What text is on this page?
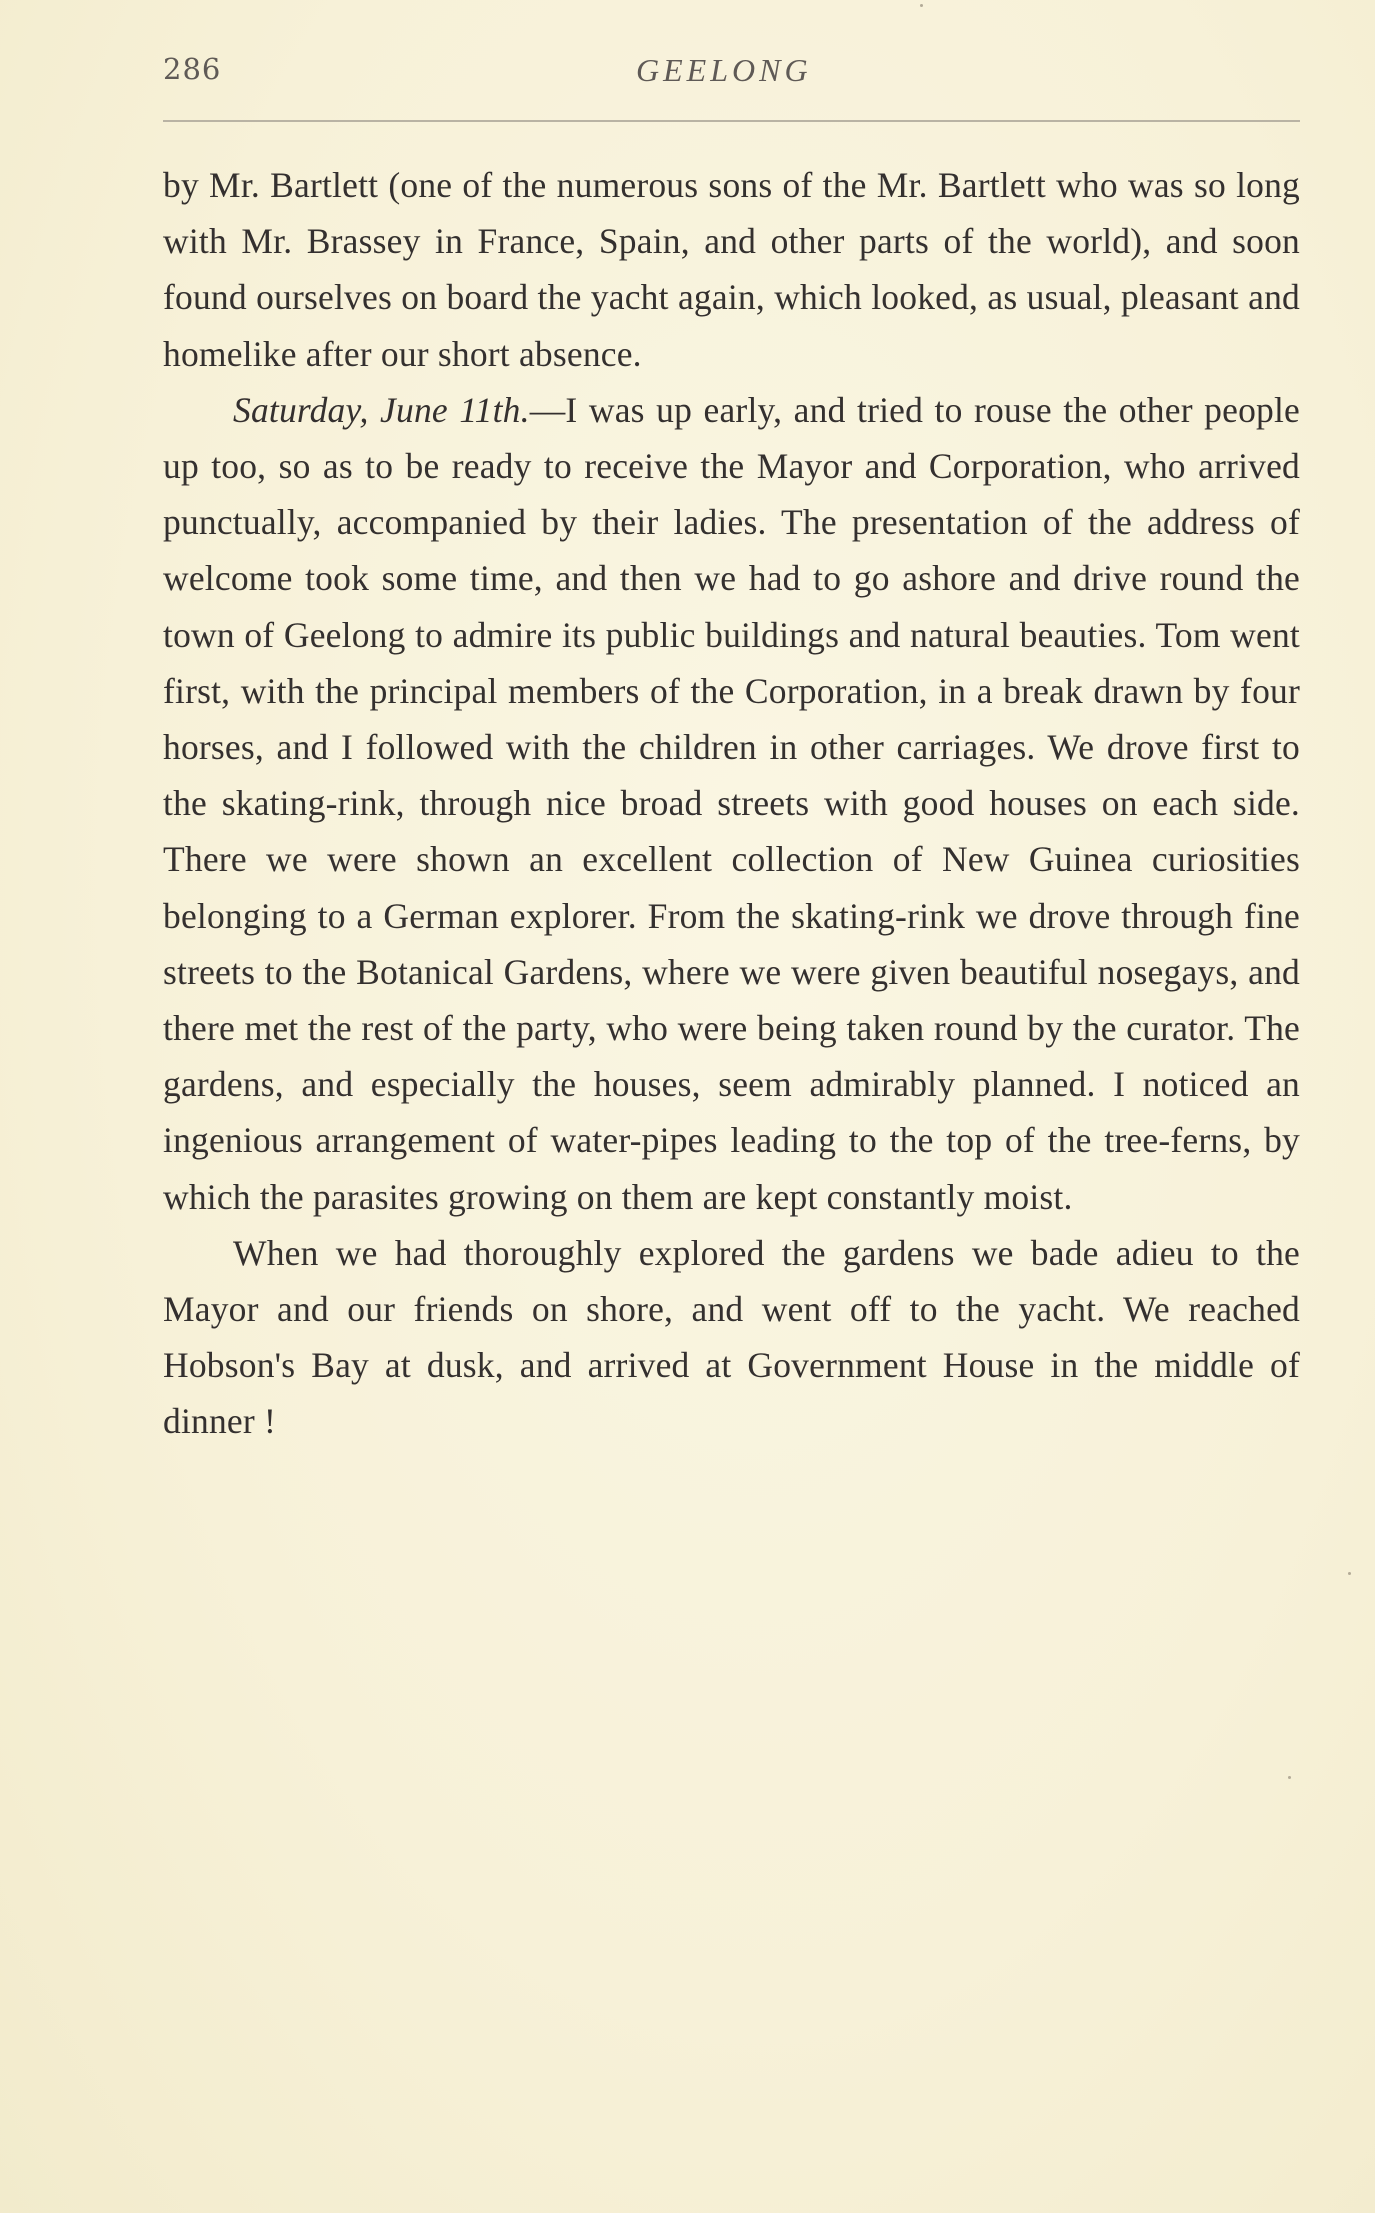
286	GEELONG

by Mr. Bartlett (one of the numerous sons of the Mr. Bartlett who was so long with Mr. Brassey in France, Spain, and other parts of the world), and soon found ourselves on board the yacht again, which looked, as usual, pleasant and homelike after our short absence.

Saturday, June 11th.—I was up early, and tried to rouse the other people up too, so as to be ready to receive the Mayor and Corporation, who arrived punctually, accompanied by their ladies. The presentation of the address of welcome took some time, and then we had to go ashore and drive round the town of Geelong to admire its public buildings and natural beauties. Tom went first, with the principal members of the Corporation, in a break drawn by four horses, and I followed with the children in other carriages. We drove first to the skating-rink, through nice broad streets with good houses on each side. There we were shown an excellent collection of New Guinea curiosities belonging to a German explorer. From the skating-rink we drove through fine streets to the Botanical Gardens, where we were given beautiful nosegays, and there met the rest of the party, who were being taken round by the curator. The gardens, and especially the houses, seem admirably planned. I noticed an ingenious arrangement of water-pipes leading to the top of the tree-ferns, by which the parasites growing on them are kept constantly moist.

When we had thoroughly explored the gardens we bade adieu to the Mayor and our friends on shore, and went off to the yacht. We reached Hobson's Bay at dusk, and arrived at Government House in the middle of dinner !
